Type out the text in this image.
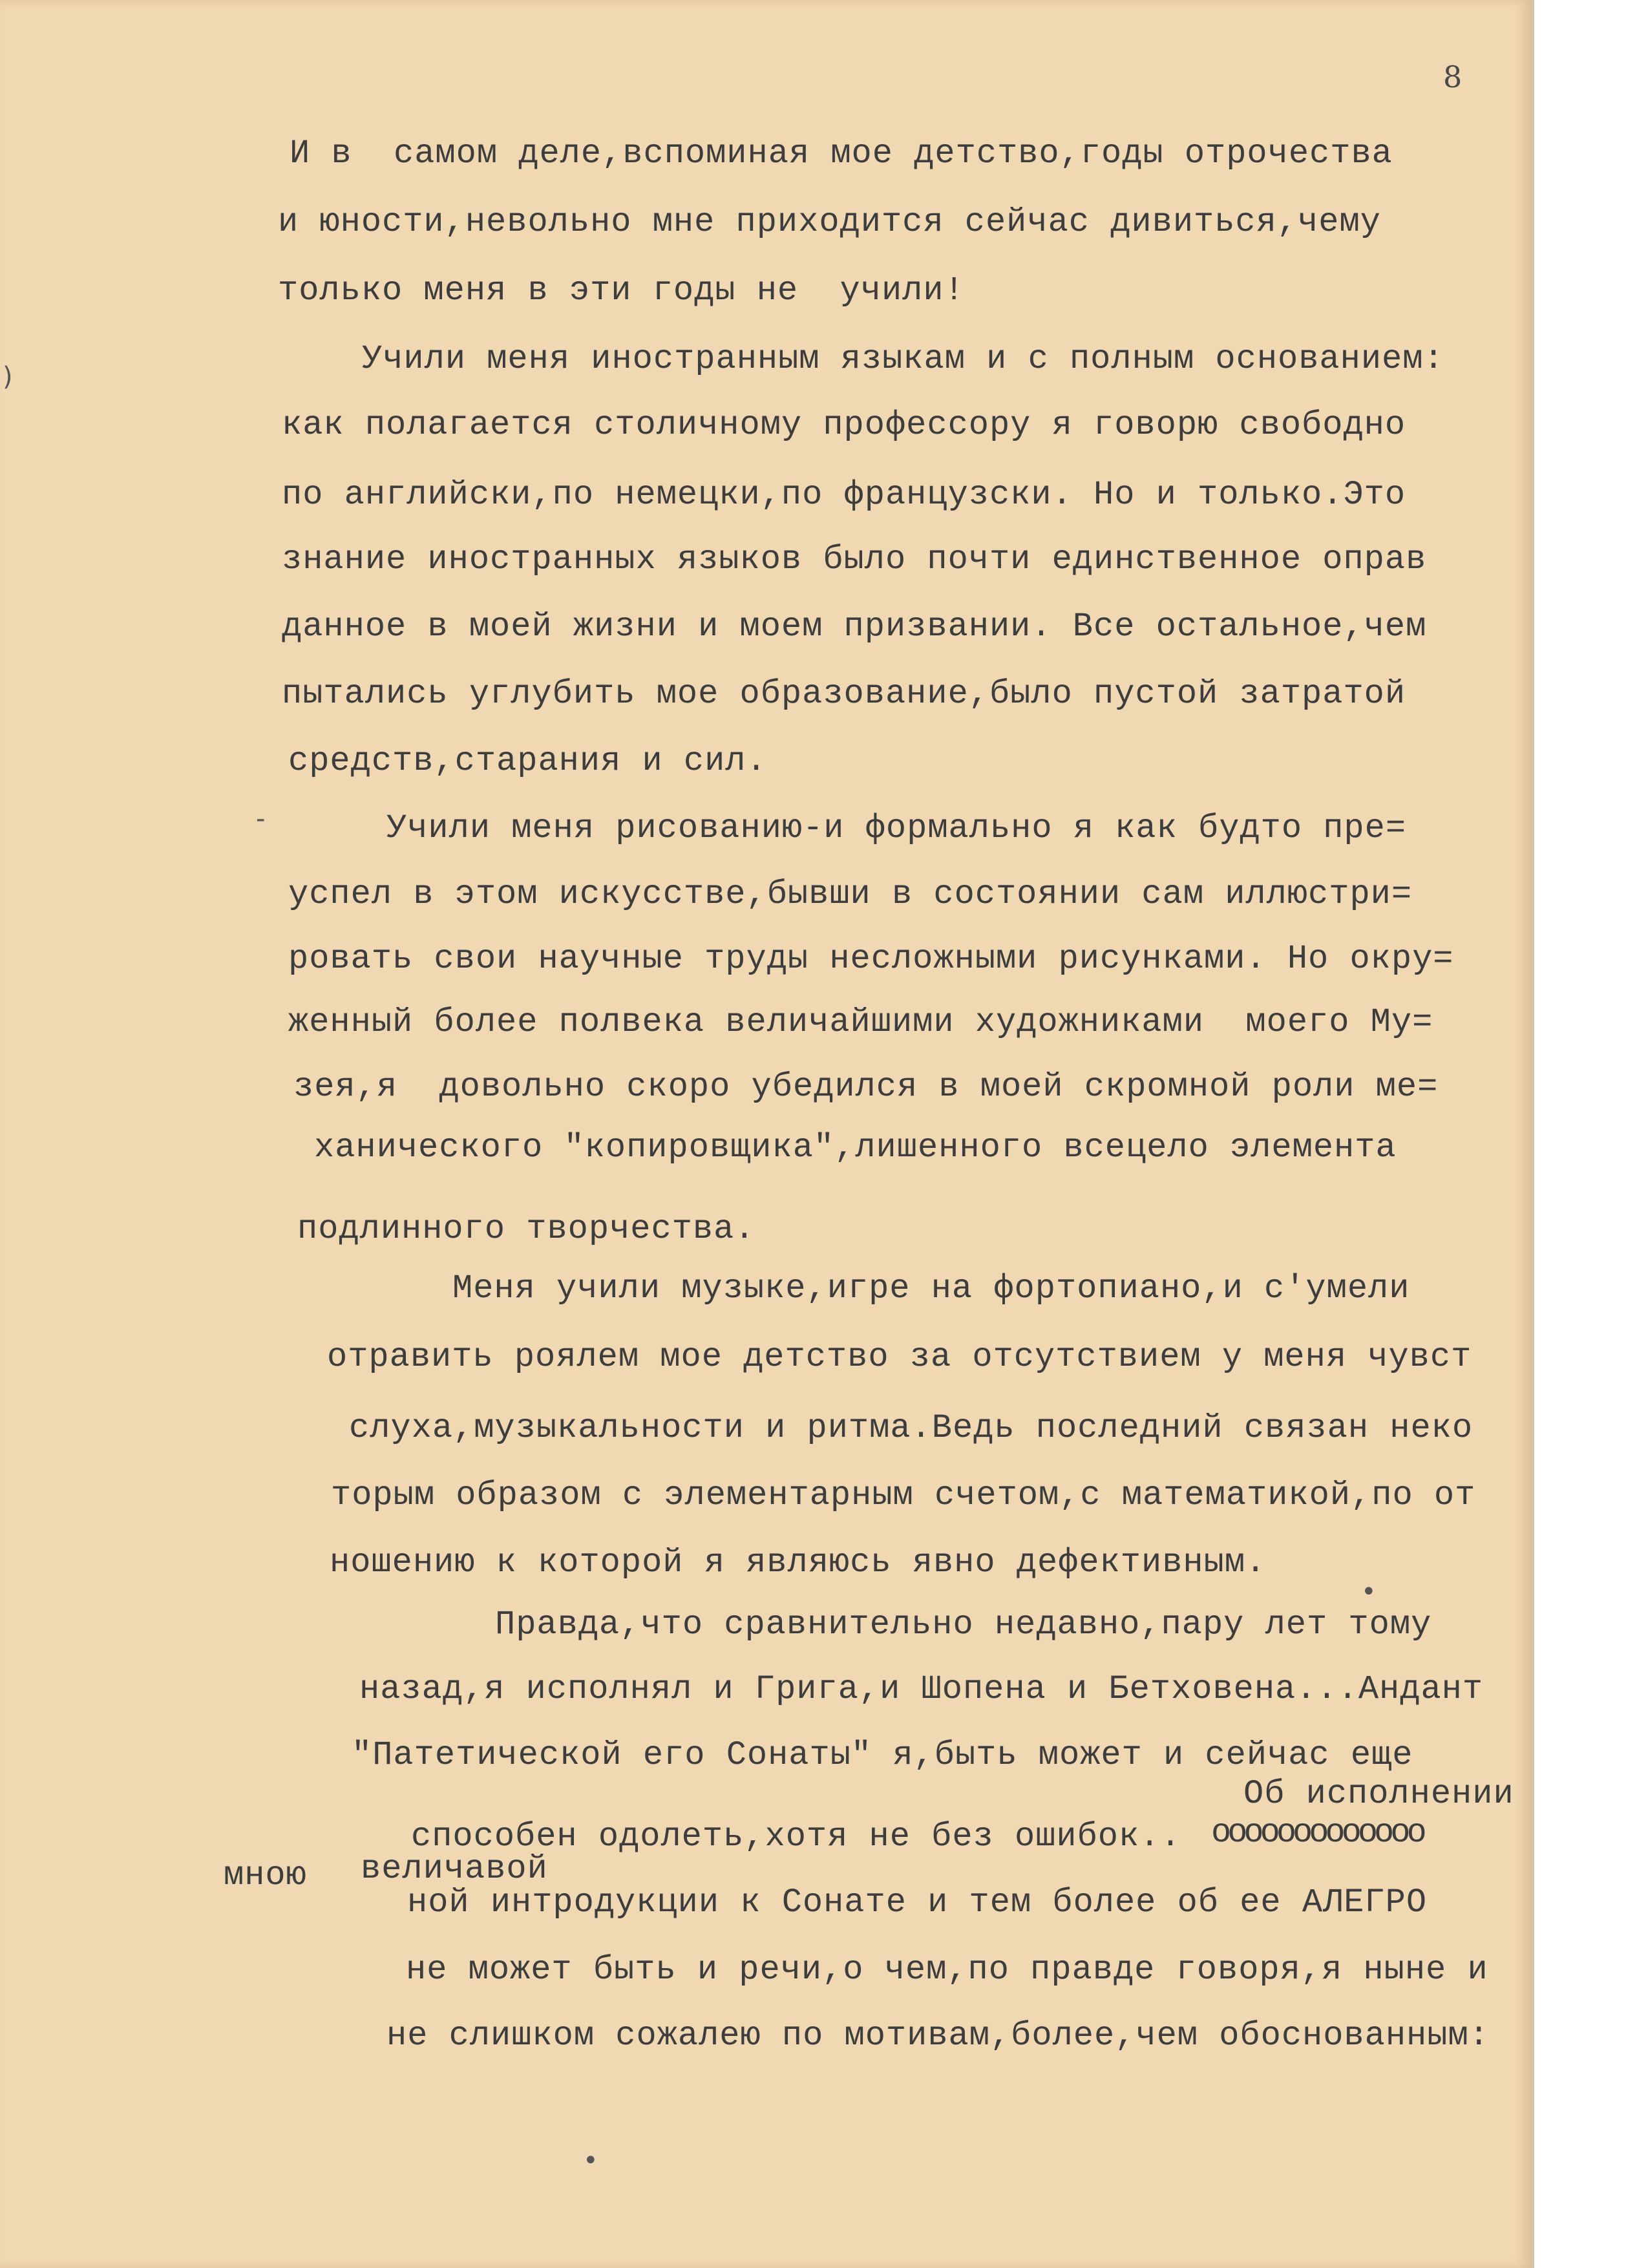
8
И в  самом деле,вспоминая мое детство,годы отрочества
и юности,невольно мне приходится сейчас дивиться,чему
только меня в эти годы не  учили!
Учили меня иностранным языкам и с полным основанием:
как полагается столичному профессору я говорю свободно
по английски,по немецки,по французски. Но и только.Это
знание иностранных языков было почти единственное оправ
данное в моей жизни и моем призвании. Все остальное,чем
пытались углубить мое образование,было пустой затратой
средств,старания и сил.
Учили меня рисованию-и формально я как будто пре=
успел в этом искусстве,бывши в состоянии сам иллюстри=
ровать свои научные труды несложными рисунками. Но окру=
женный более полвека величайшими художниками  моего Му=
зея,я  довольно скоро убедился в моей скромной роли ме=
ханического "копировщика",лишенного всецело элемента
подлинного творчества.
Меня учили музыке,игре на фортопиано,и с'умели
отравить роялем мое детство за отсутствием у меня чувст
слуха,музыкальности и ритма.Ведь последний связан неко
торым образом с элементарным счетом,с математикой,по от
ношению к которой я являюсь явно дефективным.
Правда,что сравнительно недавно,пару лет тому
назад,я исполнял и Грига,и Шопена и Бетховена...Андант
"Патетической его Сонаты" я,быть может и сейчас еще
Об исполнении
способен одолеть,хотя не без ошибок.. ооооооооооооо
мною величавой
ной интродукции к Сонате и тем более об ее АЛЕГРО
не может быть и речи,о чем,по правде говоря,я ныне и
не слишком сожалею по мотивам,более,чем обоснованным:
)
-
•
•
